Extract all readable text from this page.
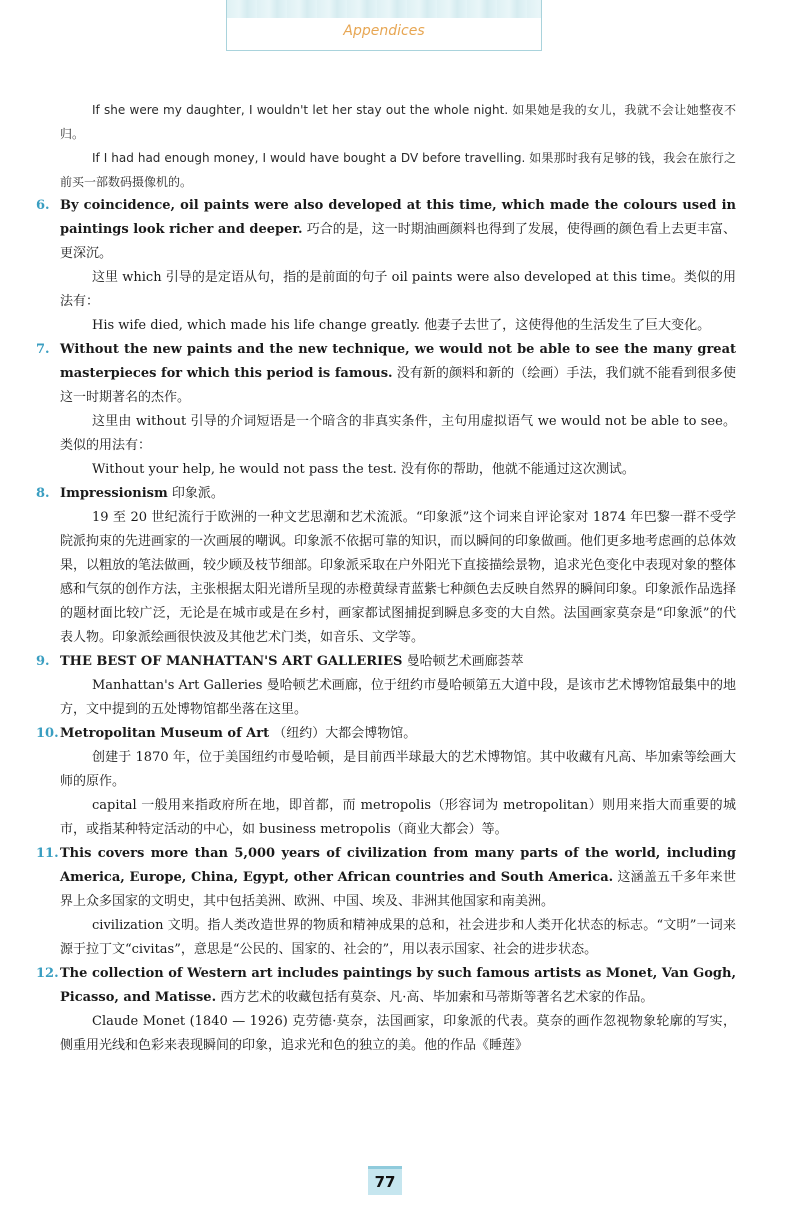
Appendices

If she were my daughter, I wouldn't let her stay out the whole night. 如果她是我的女儿，我就不会让她整夜不归。

If I had had enough money, I would have bought a DV before travelling. 如果那时我有足够的钱，我会在旅行之前买一部数码摄像机的。

6. By coincidence, oil paints were also developed at this time, which made the colours used in paintings look richer and deeper. 巧合的是，这一时期油画颜料也得到了发展，使得画的颜色看上去更丰富、更深沉。

这里 which 引导的是定语从句，指的是前面的句子 oil paints were also developed at this time。类似的用法有：

His wife died, which made his life change greatly. 他妻子去世了，这使得他的生活发生了巨大变化。

7. Without the new paints and the new technique, we would not be able to see the many great masterpieces for which this period is famous. 没有新的颜料和新的（绘画）手法，我们就不能看到很多使这一时期著名的杰作。

这里由 without 引导的介词短语是一个暗含的非真实条件，主句用虚拟语气 we would not be able to see。类似的用法有：

Without your help, he would not pass the test. 没有你的帮助，他就不能通过这次测试。

8. Impressionism 印象派。

19 至 20 世纪流行于欧洲的一种文艺思潮和艺术流派。“印象派”这个词来自评论家对 1874 年巴黎一群不受学院派拘束的先进画家的一次画展的嘲讽。印象派不依据可靠的知识，而以瞬间的印象做画。他们更多地考虑画的总体效果，以粗放的笔法做画，较少顾及枝节细部。印象派采取在户外阳光下直接描绘景物，追求光色变化中表现对象的整体感和气氛的创作方法，主张根据太阳光谱所呈现的赤橙黄绿青蓝紫七种颜色去反映自然界的瞬间印象。印象派作品选择的题材面比较广泛，无论是在城市或是在乡村，画家都试图捕捉到瞬息多变的大自然。法国画家莫奈是“印象派”的代表人物。印象派绘画很快波及其他艺术门类，如音乐、文学等。

9. THE BEST OF MANHATTAN'S ART GALLERIES 曼哈顿艺术画廊荟萃

Manhattan's Art Galleries 曼哈顿艺术画廊，位于纽约市曼哈顿第五大道中段，是该市艺术博物馆最集中的地方，文中提到的五处博物馆都坐落在这里。

10. Metropolitan Museum of Art （纽约）大都会博物馆。

创建于 1870 年，位于美国纽约市曼哈顿，是目前西半球最大的艺术博物馆。其中收藏有凡高、毕加索等绘画大师的原作。

capital 一般用来指政府所在地，即首都，而 metropolis（形容词为 metropolitan）则用来指大而重要的城市，或指某种特定活动的中心，如 business metropolis（商业大都会）等。

11. This covers more than 5,000 years of civilization from many parts of the world, including America, Europe, China, Egypt, other African countries and South America. 这涵盖五千多年来世界上众多国家的文明史，其中包括美洲、欧洲、中国、埃及、非洲其他国家和南美洲。

civilization 文明。指人类改造世界的物质和精神成果的总和，社会进步和人类开化状态的标志。“文明”一词来源于拉丁文“civitas”，意思是“公民的、国家的、社会的”，用以表示国家、社会的进步状态。

12. The collection of Western art includes paintings by such famous artists as Monet, Van Gogh, Picasso, and Matisse. 西方艺术的收藏包括有莫奈、凡·高、毕加索和马蒂斯等著名艺术家的作品。

Claude Monet (1840 — 1926) 克劳德·莫奈，法国画家，印象派的代表。莫奈的画作忽视物象轮廓的写实，侧重用光线和色彩来表现瞬间的印象，追求光和色的独立的美。他的作品《睡莲》

77
